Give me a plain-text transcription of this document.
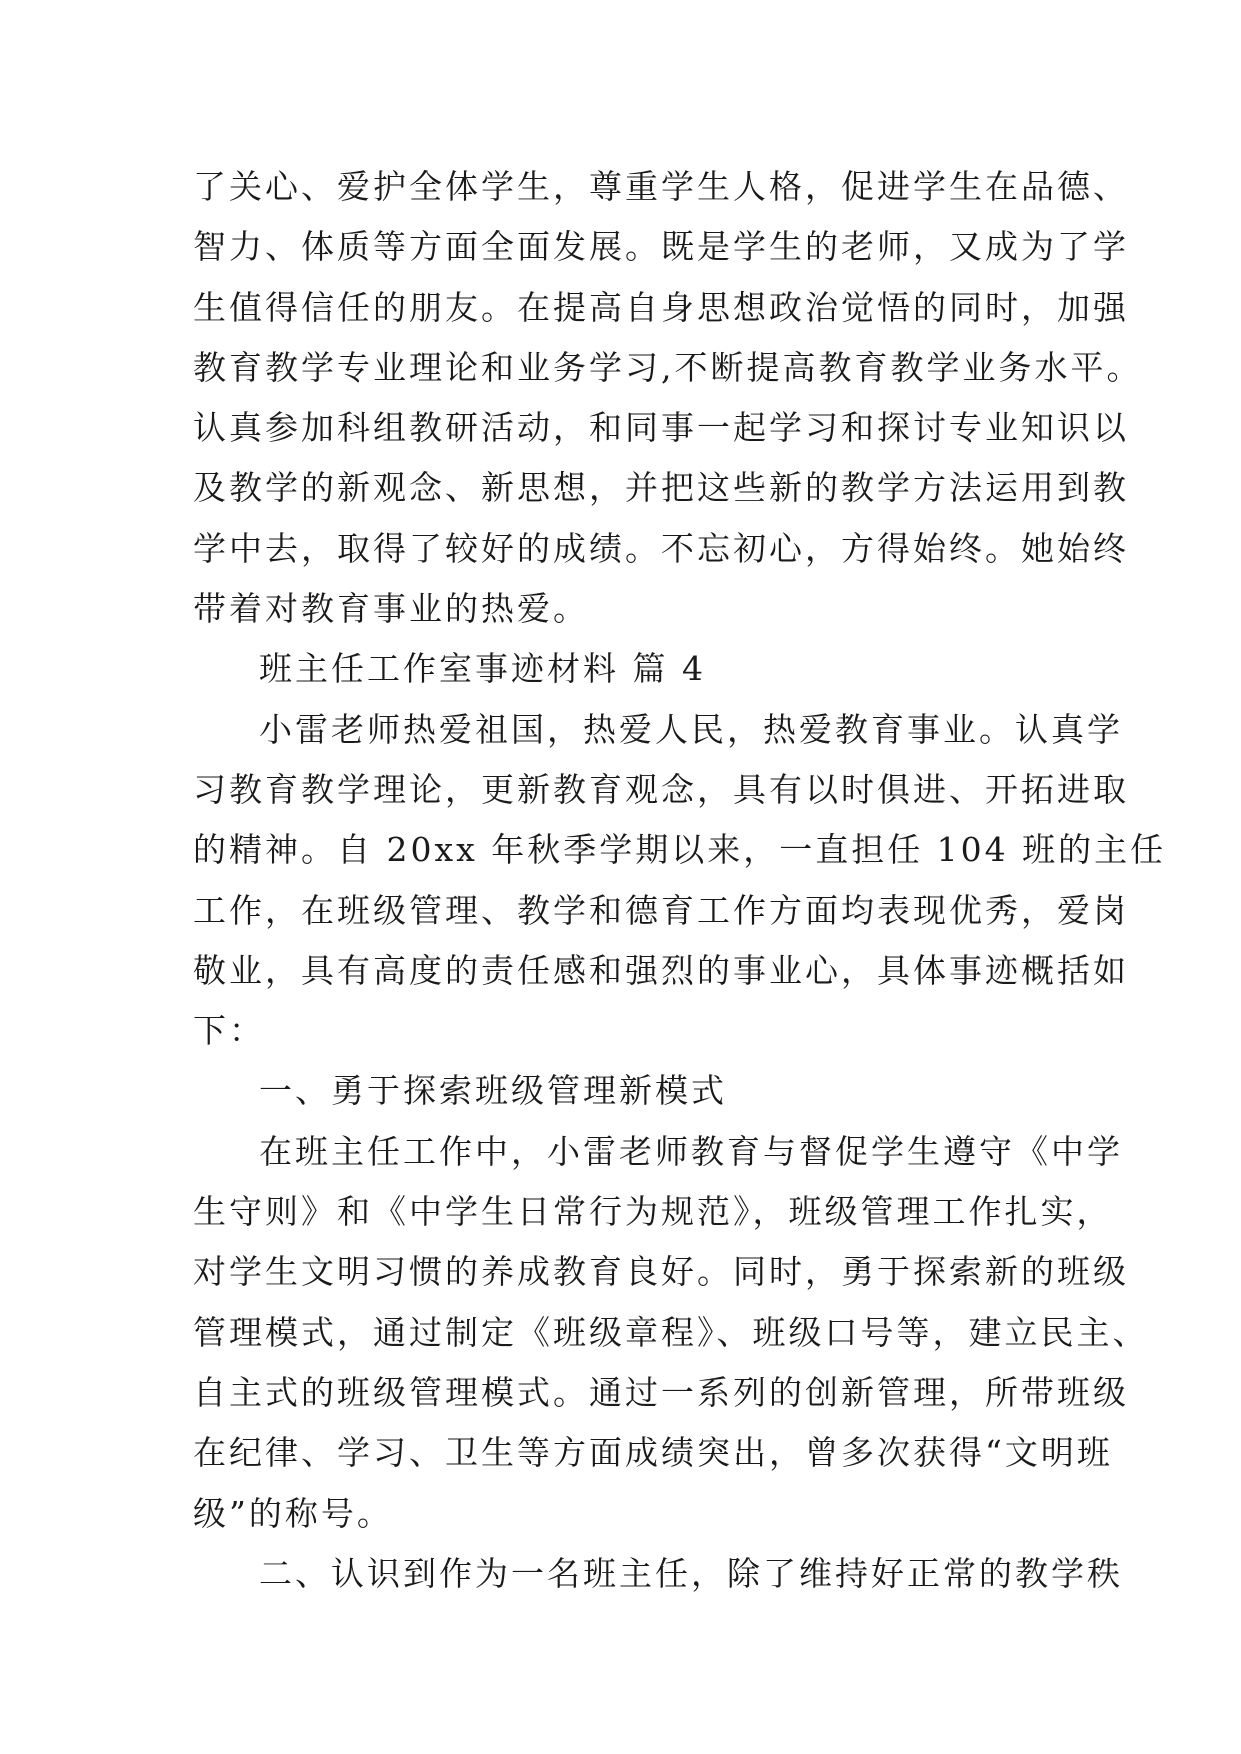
了关心、爱护全体学生，尊重学生人格，促进学生在品德、
智力、体质等方面全面发展。既是学生的老师，又成为了学
生值得信任的朋友。在提高自身思想政治觉悟的同时，加强
教育教学专业理论和业务学习,不断提高教育教学业务水平。
认真参加科组教研活动，和同事一起学习和探讨专业知识以
及教学的新观念、新思想，并把这些新的教学方法运用到教
学中去，取得了较好的成绩。不忘初心，方得始终。她始终
带着对教育事业的热爱。
班主任工作室事迹材料 篇 4
小雷老师热爱祖国，热爱人民，热爱教育事业。认真学
习教育教学理论，更新教育观念，具有以时俱进、开拓进取
的精神。自 20xx 年秋季学期以来，一直担任 104 班的主任
工作，在班级管理、教学和德育工作方面均表现优秀，爱岗
敬业，具有高度的责任感和强烈的事业心，具体事迹概括如
下：
一、勇于探索班级管理新模式
在班主任工作中，小雷老师教育与督促学生遵守《中学
生守则》和《中学生日常行为规范》，班级管理工作扎实，
对学生文明习惯的养成教育良好。同时，勇于探索新的班级
管理模式，通过制定《班级章程》、班级口号等，建立民主、
自主式的班级管理模式。通过一系列的创新管理，所带班级
在纪律、学习、卫生等方面成绩突出，曾多次获得“文明班
级”的称号。
二、认识到作为一名班主任，除了维持好正常的教学秩
